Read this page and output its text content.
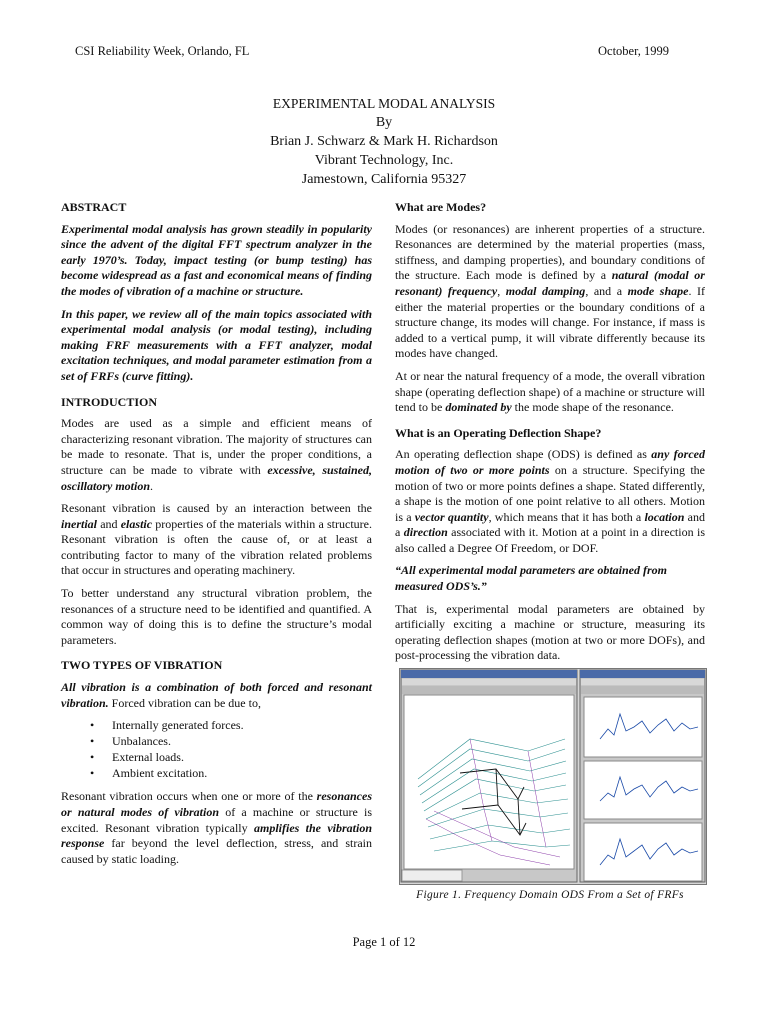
CSI Reliability Week, Orlando, FL	October, 1999
EXPERIMENTAL MODAL ANALYSIS
By
Brian J. Schwarz & Mark H. Richardson
Vibrant Technology, Inc.
Jamestown, California 95327
ABSTRACT

Experimental modal analysis has grown steadily in popularity since the advent of the digital FFT spectrum analyzer in the early 1970’s. Today, impact testing (or bump testing) has become widespread as a fast and economical means of finding the modes of vibration of a machine or structure.

In this paper, we review all of the main topics associated with experimental modal analysis (or modal testing), including making FRF measurements with a FFT analyzer, modal excitation techniques, and modal parameter estimation from a set of FRFs (curve fitting).

INTRODUCTION

Modes are used as a simple and efficient means of characterizing resonant vibration. The majority of structures can be made to resonate. That is, under the proper conditions, a structure can be made to vibrate with excessive, sustained, oscillatory motion.

Resonant vibration is caused by an interaction between the inertial and elastic properties of the materials within a structure. Resonant vibration is often the cause of, or at least a contributing factor to many of the vibration related problems that occur in structures and operating machinery.

To better understand any structural vibration problem, the resonances of a structure need to be identified and quantified. A common way of doing this is to define the structure’s modal parameters.

TWO TYPES OF VIBRATION

All vibration is a combination of both forced and resonant vibration. Forced vibration can be due to,

• Internally generated forces.
• Unbalances.
• External loads.
• Ambient excitation.

Resonant vibration occurs when one or more of the resonances or natural modes of vibration of a machine or structure is excited. Resonant vibration typically amplifies the vibration response far beyond the level deflection, stress, and strain caused by static loading.

What are Modes?

Modes (or resonances) are inherent properties of a structure. Resonances are determined by the material properties (mass, stiffness, and damping properties), and boundary conditions of the structure. Each mode is defined by a natural (modal or resonant) frequency, modal damping, and a mode shape. If either the material properties or the boundary conditions of a structure change, its modes will change. For instance, if mass is added to a vertical pump, it will vibrate differently because its modes have changed.

At or near the natural frequency of a mode, the overall vibration shape (operating deflection shape) of a machine or structure will tend to be dominated by the mode shape of the resonance.

What is an Operating Deflection Shape?

An operating deflection shape (ODS) is defined as any forced motion of two or more points on a structure. Specifying the motion of two or more points defines a shape. Stated differently, a shape is the motion of one point relative to all others. Motion is a vector quantity, which means that it has both a location and a direction associated with it. Motion at a point in a direction is also called a Degree Of Freedom, or DOF.

“All experimental modal parameters are obtained from measured ODS’s.”

That is, experimental modal parameters are obtained by artificially exciting a machine or structure, measuring its operating deflection shapes (motion at two or more DOFs), and post-processing the vibration data.

Figure 1. Frequency Domain ODS From a Set of FRFs
Page 1 of 12
